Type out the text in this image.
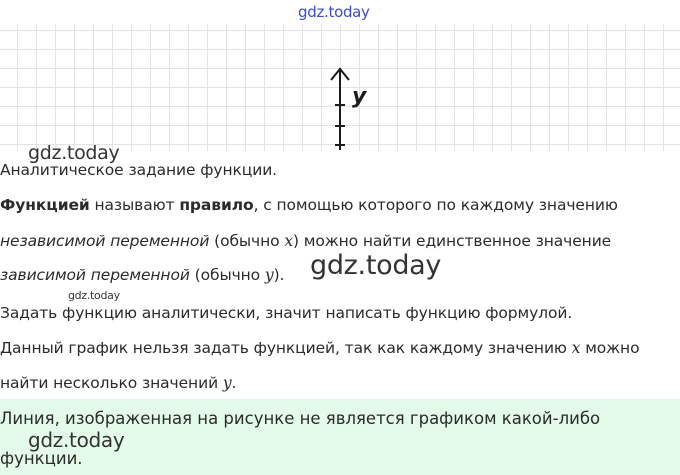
y
gdz.today
Аналитическое задание функции.
Функцией называют правило, с помощью которого по каждому значению
независимой переменной (обычно x) можно найти единственное значение
зависимой переменной (обычно y).
Задать функцию аналитически, значит написать функцию формулой.
Данный график нельзя задать функцией, так как каждому значению x можно
найти несколько значений y.
Линия, изображенная на рисунке не является графиком какой-либо
функции.
gdz.today
gdz.today
gdz.today
gdz.today
